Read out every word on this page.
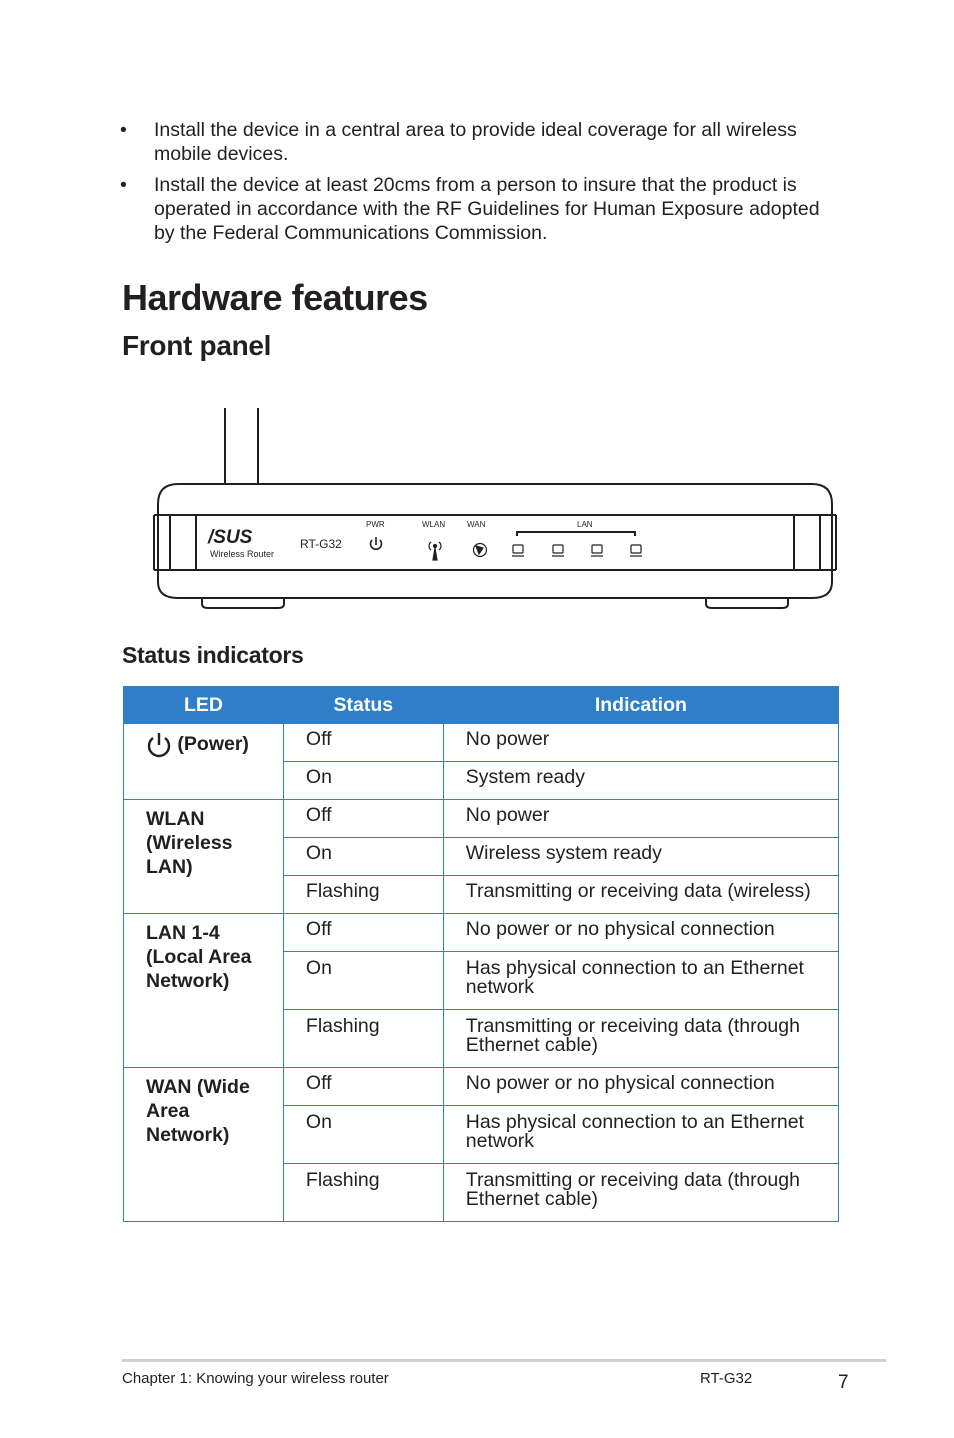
• Install the device in a central area to provide ideal coverage for all wireless mobile devices.
• Install the device at least 20cms from a person to insure that the product is operated in accordance with the RF Guidelines for Human Exposure adopted by the Federal Communications Commission.
Hardware features
Front panel
/SUS
Wireless Router
RT-G32
PWR	WLAN	WAN	LAN
Status indicators
LED	Status	Indication
(Power)	Off	No power
	On	System ready
WLAN (Wireless LAN)	Off	No power
	On	Wireless system ready
	Flashing	Transmitting or receiving data (wireless)
LAN 1-4 (Local Area Network)	Off	No power or no physical connection
	On	Has physical connection to an Ethernet network
	Flashing	Transmitting or receiving data (through Ethernet cable)
WAN (Wide Area Network)	Off	No power or no physical connection
	On	Has physical connection to an Ethernet network
	Flashing	Transmitting or receiving data (through Ethernet cable)
Chapter 1: Knowing your wireless router	RT-G32	7
